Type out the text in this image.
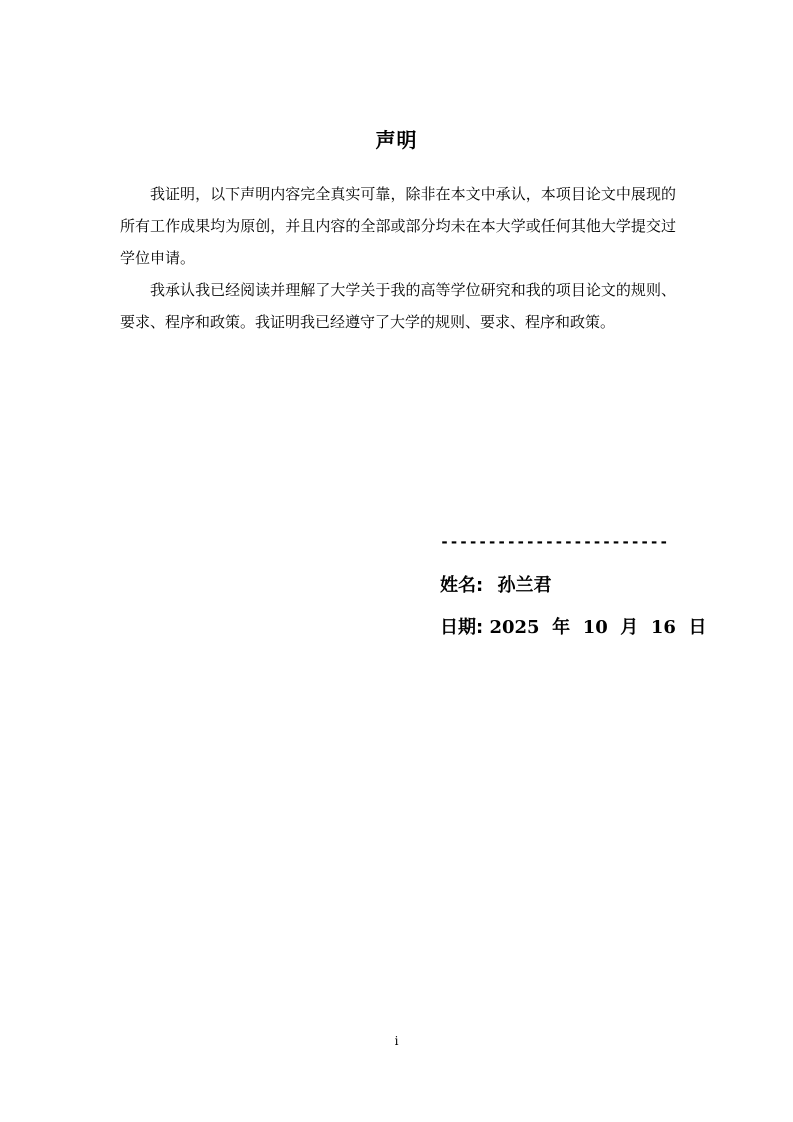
声明

我证明，以下声明内容完全真实可靠，除非在本文中承认，本项目论文中展现的所有工作成果均为原创，并且内容的全部或部分均未在本大学或任何其他大学提交过学位申请。

我承认我已经阅读并理解了大学关于我的高等学位研究和我的项目论文的规则、要求、程序和政策。我证明我已经遵守了大学的规则、要求、程序和政策。

------------------------
姓名: 孙兰君
日期: 2025 年 10 月 16 日
i
